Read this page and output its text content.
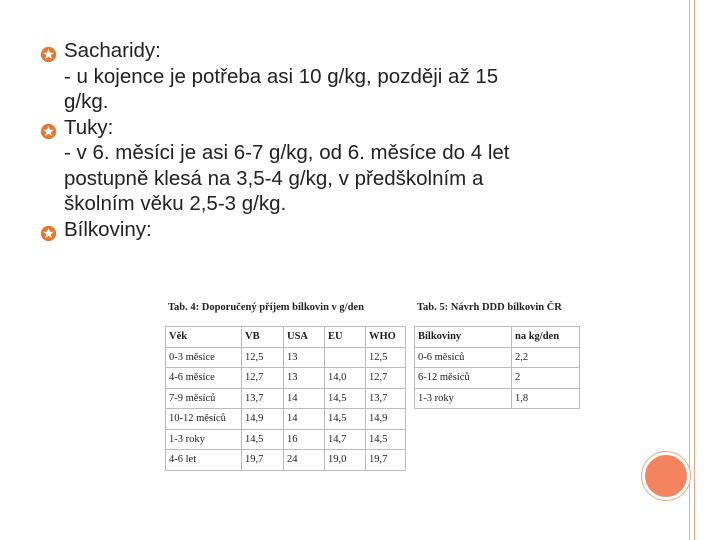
Sacharidy:
- u kojence je potřeba asi 10 g/kg, později až 15
g/kg.
Tuky:
- v 6. měsíci je asi 6-7 g/kg, od 6. měsíce do 4 let
postupně klesá na 3,5-4 g/kg, v předškolním a
školním věku 2,5-3 g/kg.
Bílkoviny:
Tab. 4: Doporučený příjem bílkovin v g/den
Věk	VB	USA	EU	WHO
0-3 měsíce	12,5	13		12,5
4-6 měsíce	12,7	13	14,0	12,7
7-9 měsíců	13,7	14	14,5	13,7
10-12 měsíců	14,9	14	14,5	14,9
1-3 roky	14,5	16	14,7	14,5
4-6 let	19,7	24	19,0	19,7
Tab. 5: Návrh DDD bílkovin ČR
Bílkoviny	na kg/den
0-6 měsíců	2,2
6-12 měsíců	2
1-3 roky	1,8
